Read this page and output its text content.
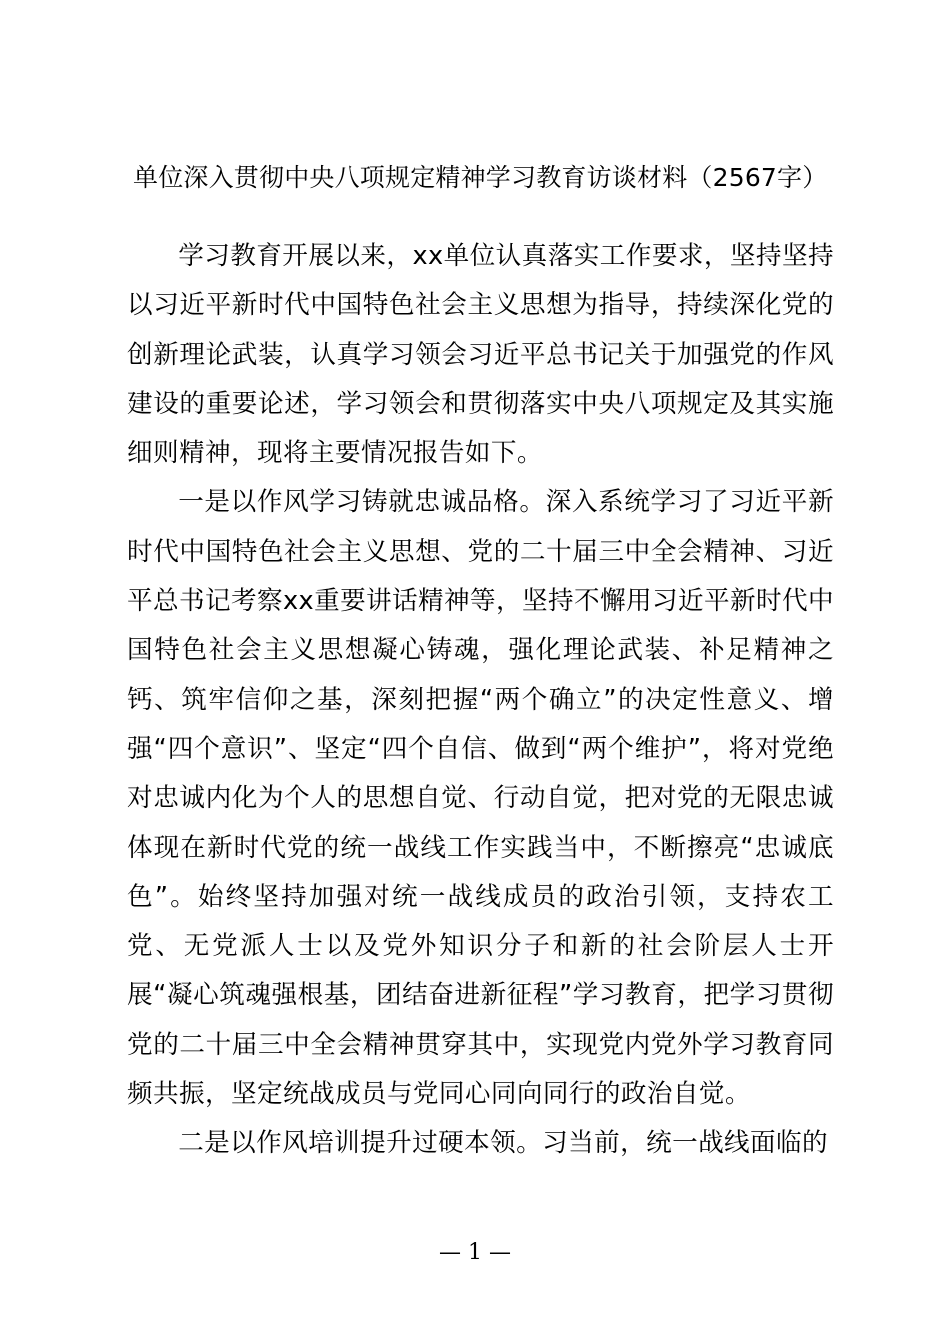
单位深入贯彻中央八项规定精神学习教育访谈材料（2567字）

学习教育开展以来，xx单位认真落实工作要求，坚持坚持以习近平新时代中国特色社会主义思想为指导，持续深化党的创新理论武装，认真学习领会习近平总书记关于加强党的作风建设的重要论述，学习领会和贯彻落实中央八项规定及其实施细则精神，现将主要情况报告如下。

一是以作风学习铸就忠诚品格。深入系统学习了习近平新时代中国特色社会主义思想、党的二十届三中全会精神、习近平总书记考察xx重要讲话精神等，坚持不懈用习近平新时代中国特色社会主义思想凝心铸魂，强化理论武装、补足精神之钙、筑牢信仰之基，深刻把握“两个确立”的决定性意义、增强“四个意识”、坚定“四个自信、做到“两个维护”，将对党绝对忠诚内化为个人的思想自觉、行动自觉，把对党的无限忠诚体现在新时代党的统一战线工作实践当中，不断擦亮“忠诚底色”。始终坚持加强对统一战线成员的政治引领，支持农工党、无党派人士以及党外知识分子和新的社会阶层人士开展“凝心筑魂强根基，团结奋进新征程”学习教育，把学习贯彻党的二十届三中全会精神贯穿其中，实现党内党外学习教育同频共振，坚定统战成员与党同心同向同行的政治自觉。

二是以作风培训提升过硬本领。习当前，统一战线面临的

— 1 —
